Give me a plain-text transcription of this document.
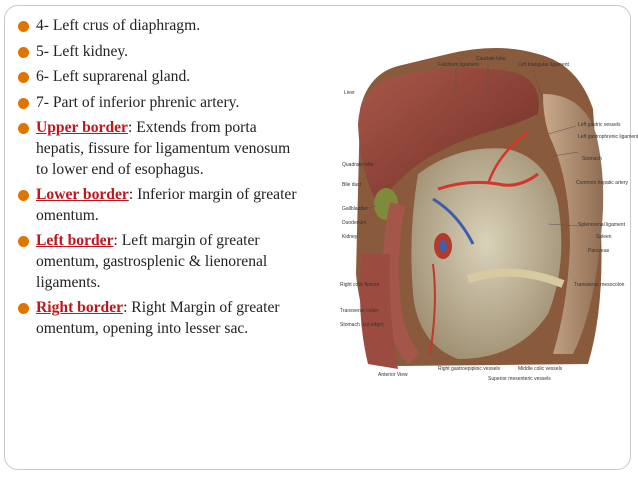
4- Left crus of diaphragm.
5- Left kidney.
6- Left suprarenal gland.
7- Part of inferior phrenic artery.
Upper border: Extends from porta hepatis, fissure for ligamentum venosum to lower end of esophagus.
Lower border: Inferior margin of greater omentum.
Left border: Left margin of greater omentum, gastrosplenic & lienorenal ligaments.
Right border: Right Margin of greater omentum, opening into lesser sac.
Falciform ligament
Caudate lobe
Left triangular ligament
Liver
Left gastric vessels
Left gastrophrenic ligament
Stomach
Quadrate lobe
Common hepatic artery
Bile duct
Gallbladder
Duodenum
Kidney
Splenorenal ligament
Spleen
Pancreas
Right colic flexure	Transverse mesocolon
Transverse colon
Stomach (cut edge)
Anterior View
Right gastroepiploic vessels	Middle colic vessels
Superior mesenteric vessels
